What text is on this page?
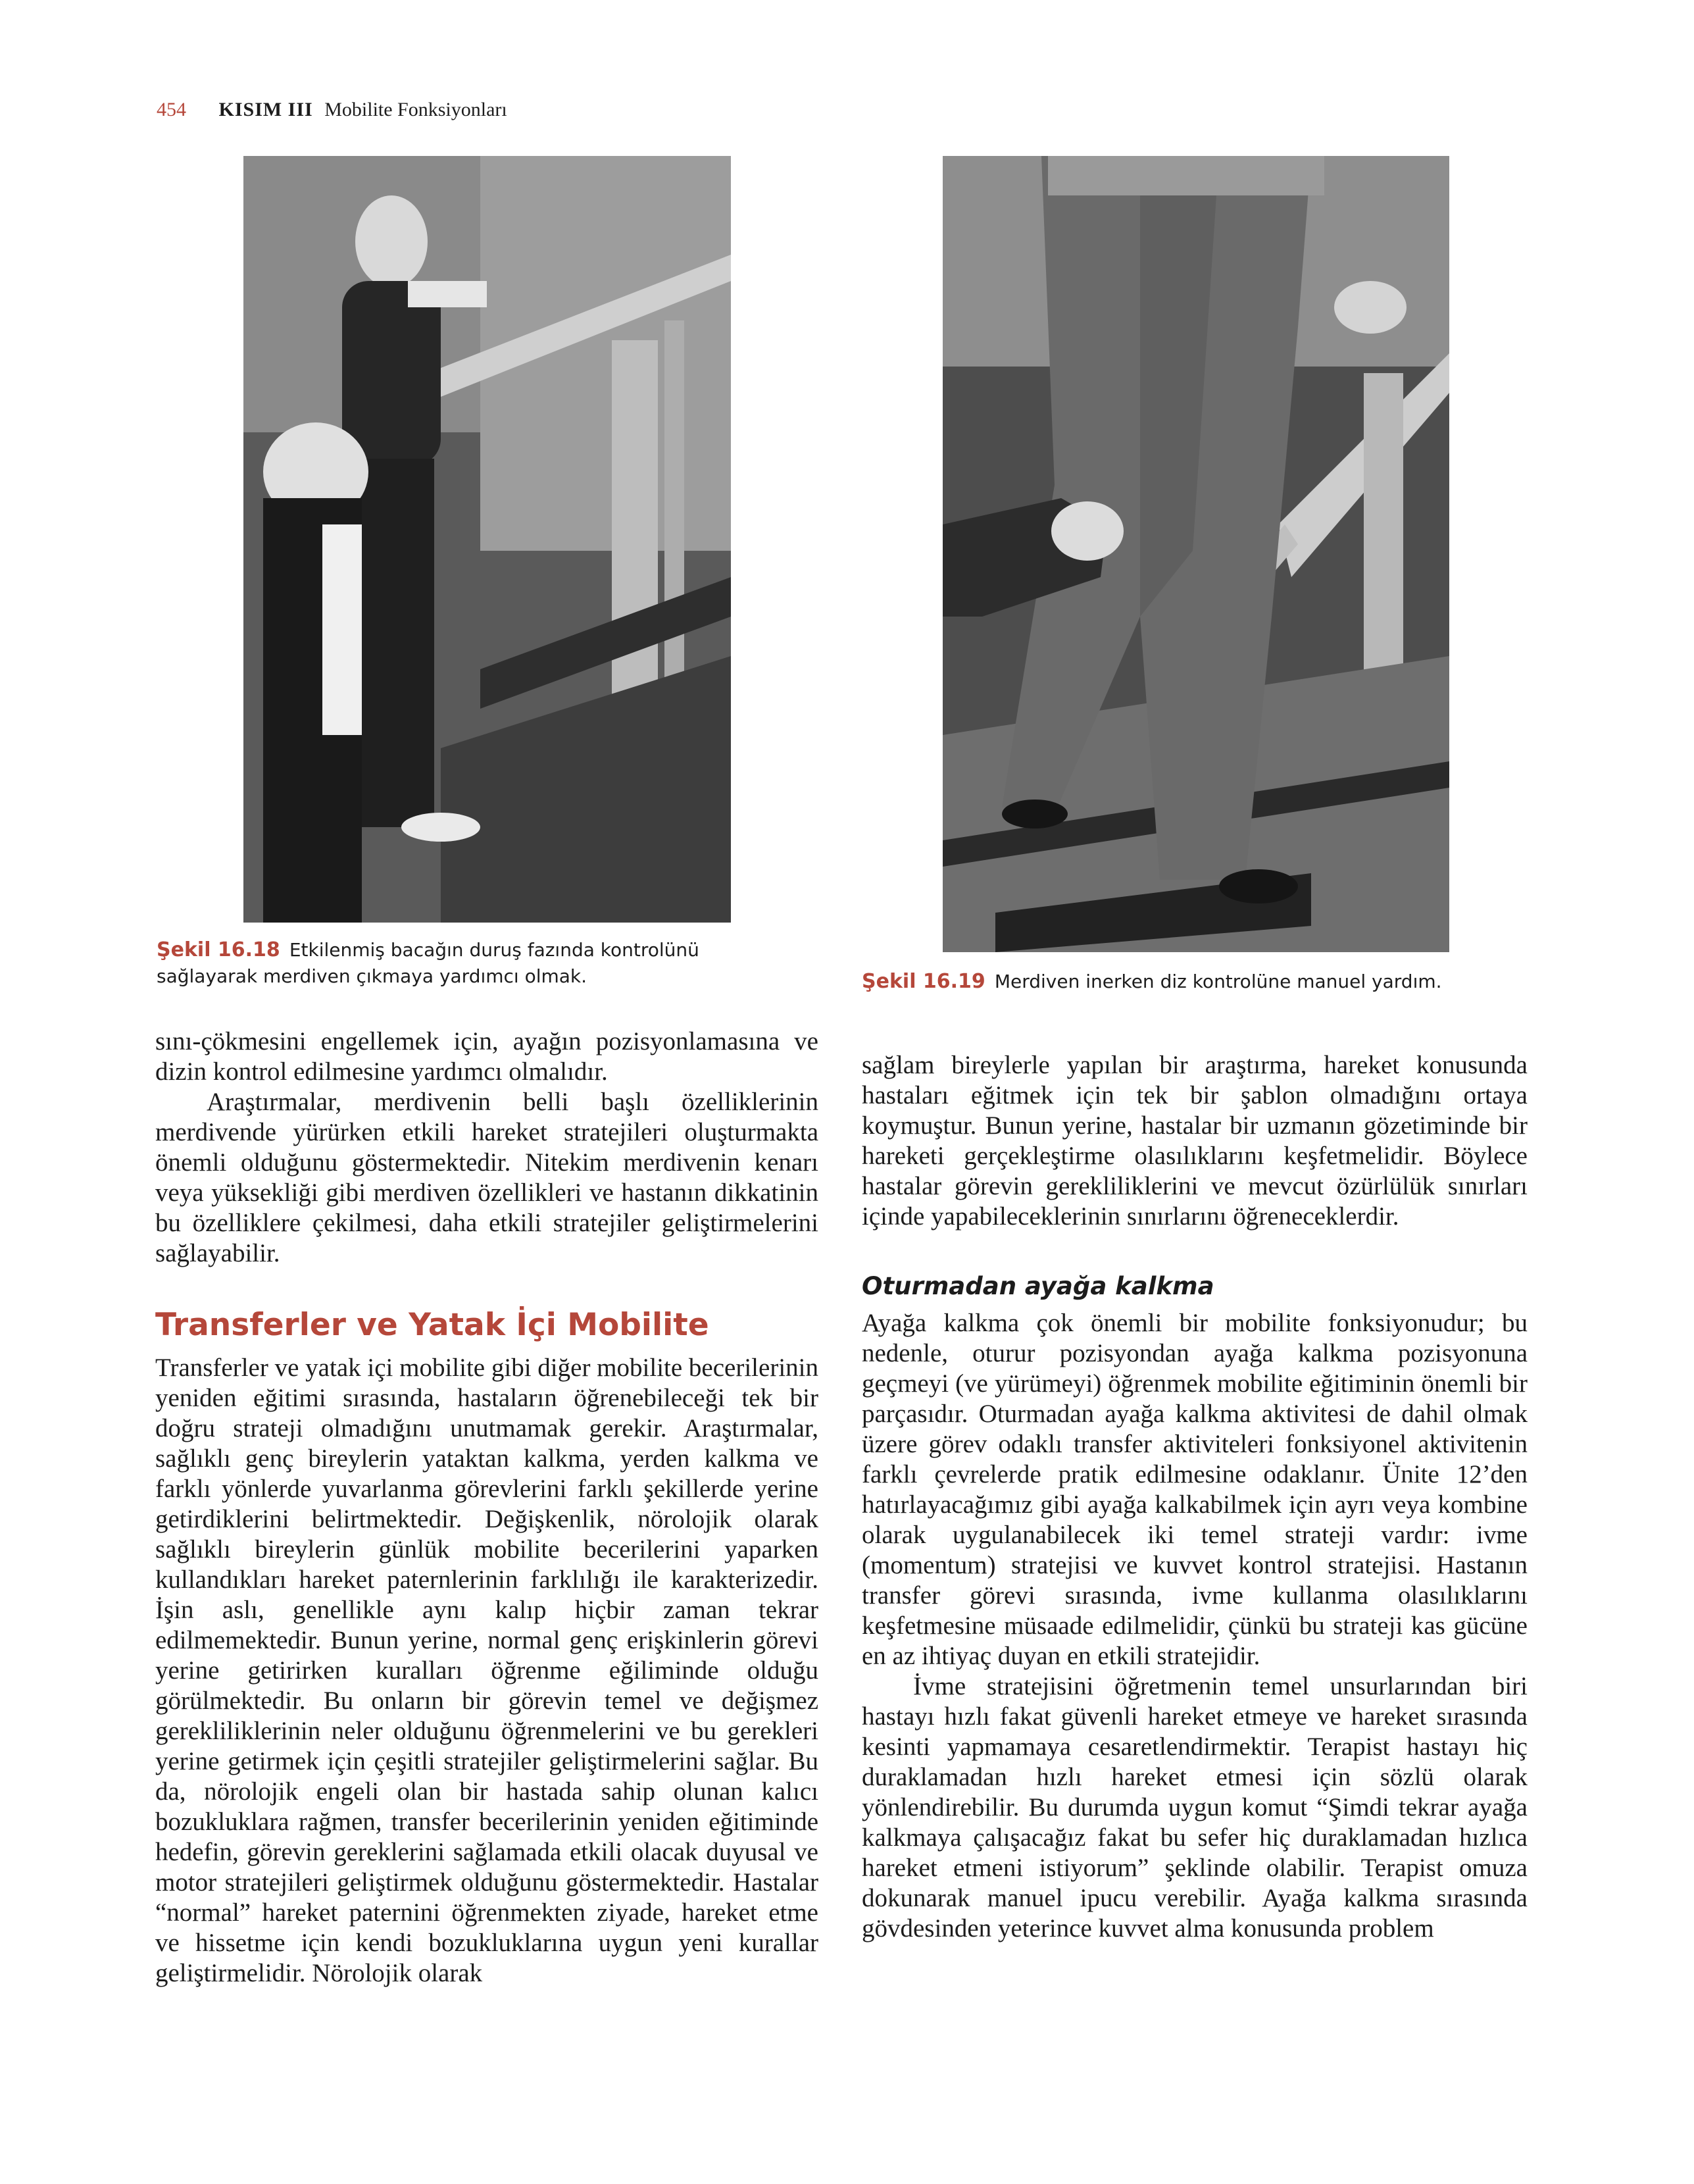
454 KISIM III Mobilite Fonksiyonları
Şekil 16.18 Etkilenmiş bacağın duruş fazında kontrolünü sağlayarak merdiven çıkmaya yardımcı olmak.	Şekil 16.19 Merdiven inerken diz kontrolüne manuel yardım.

sını-çökmesini engellemek için, ayağın pozisyonlamasına ve dizin kontrol edilmesine yardımcı olmalıdır.

Araştırmalar, merdivenin belli başlı özelliklerinin merdivende yürürken etkili hareket stratejileri oluşturmakta önemli olduğunu göstermektedir. Nitekim merdivenin kenarı veya yüksekliği gibi merdiven özellikleri ve hastanın dikkatinin bu özelliklere çekilmesi, daha etkili stratejiler geliştirmelerini sağlayabilir.

Transferler ve Yatak İçi Mobilite

Transferler ve yatak içi mobilite gibi diğer mobilite becerilerinin yeniden eğitimi sırasında, hastaların öğrenebileceği tek bir doğru strateji olmadığını unutmamak gerekir. Araştırmalar, sağlıklı genç bireylerin yataktan kalkma, yerden kalkma ve farklı yönlerde yuvarlanma görevlerini farklı şekillerde yerine getirdiklerini belirtmektedir. Değişkenlik, nörolojik olarak sağlıklı bireylerin günlük mobilite becerilerini yaparken kullandıkları hareket paternlerinin farklılığı ile karakterizedir. İşin aslı, genellikle aynı kalıp hiçbir zaman tekrar edilmemektedir. Bunun yerine, normal genç erişkinlerin görevi yerine getirirken kuralları öğrenme eğiliminde olduğu görülmektedir. Bu onların bir görevin temel ve değişmez gerekliliklerinin neler olduğunu öğrenmelerini ve bu gerekleri yerine getirmek için çeşitli stratejiler geliştirmelerini sağlar. Bu da, nörolojik engeli olan bir hastada sahip olunan kalıcı bozukluklara rağmen, transfer becerilerinin yeniden eğitiminde hedefin, görevin gereklerini sağlamada etkili olacak duyusal ve motor stratejileri geliştirmek olduğunu göstermektedir. Hastalar “normal” hareket paternini öğrenmekten ziyade, hareket etme ve hissetme için kendi bozukluklarına uygun yeni kurallar geliştirmelidir. Nörolojik olarak

sağlam bireylerle yapılan bir araştırma, hareket konusunda hastaları eğitmek için tek bir şablon olmadığını ortaya koymuştur. Bunun yerine, hastalar bir uzmanın gözetiminde bir hareketi gerçekleştirme olasılıklarını keşfetmelidir. Böylece hastalar görevin gerekliliklerini ve mevcut özürlülük sınırları içinde yapabileceklerinin sınırlarını öğreneceklerdir.

Oturmadan ayağa kalkma

Ayağa kalkma çok önemli bir mobilite fonksiyonudur; bu nedenle, oturur pozisyondan ayağa kalkma pozisyonuna geçmeyi (ve yürümeyi) öğrenmek mobilite eğitiminin önemli bir parçasıdır. Oturmadan ayağa kalkma aktivitesi de dahil olmak üzere görev odaklı transfer aktiviteleri fonksiyonel aktivitenin farklı çevrelerde pratik edilmesine odaklanır. Ünite 12’den hatırlayacağımız gibi ayağa kalkabilmek için ayrı veya kombine olarak uygulanabilecek iki temel strateji vardır: ivme (momentum) stratejisi ve kuvvet kontrol stratejisi. Hastanın transfer görevi sırasında, ivme kullanma olasılıklarını keşfetmesine müsaade edilmelidir, çünkü bu strateji kas gücüne en az ihtiyaç duyan en etkili stratejidir.

İvme stratejisini öğretmenin temel unsurlarından biri hastayı hızlı fakat güvenli hareket etmeye ve hareket sırasında kesinti yapmamaya cesaretlendirmektir. Terapist hastayı hiç duraklamadan hızlı hareket etmesi için sözlü olarak yönlendirebilir. Bu durumda uygun komut “Şimdi tekrar ayağa kalkmaya çalışacağız fakat bu sefer hiç duraklamadan hızlıca hareket etmeni istiyorum” şeklinde olabilir. Terapist omuza dokunarak manuel ipucu verebilir. Ayağa kalkma sırasında gövdesinden yeterince kuvvet alma konusunda problem
